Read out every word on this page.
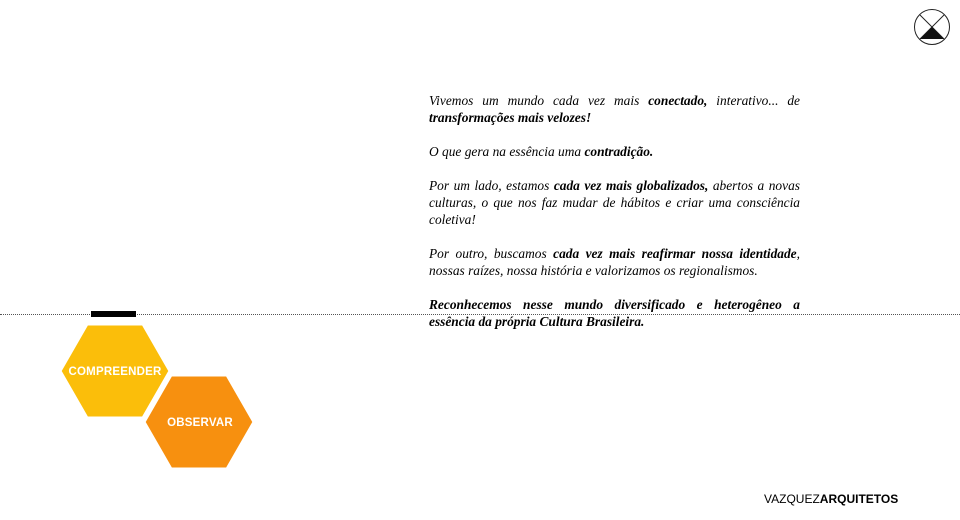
COMPREENDER
OBSERVAR

Vivemos um mundo cada vez mais conectado, interativo... de transformações mais velozes!

O que gera na essência uma contradição.

Por um lado, estamos cada vez mais globalizados, abertos a novas culturas, o que nos faz mudar de hábitos e criar uma consciência coletiva!

Por outro, buscamos cada vez mais reafirmar nossa identidade, nossas raízes, nossa história e valorizamos os regionalismos.

Reconhecemos nesse mundo diversificado e heterogêneo a essência da própria Cultura Brasileira.

VAZQUEZARQUITETOS
